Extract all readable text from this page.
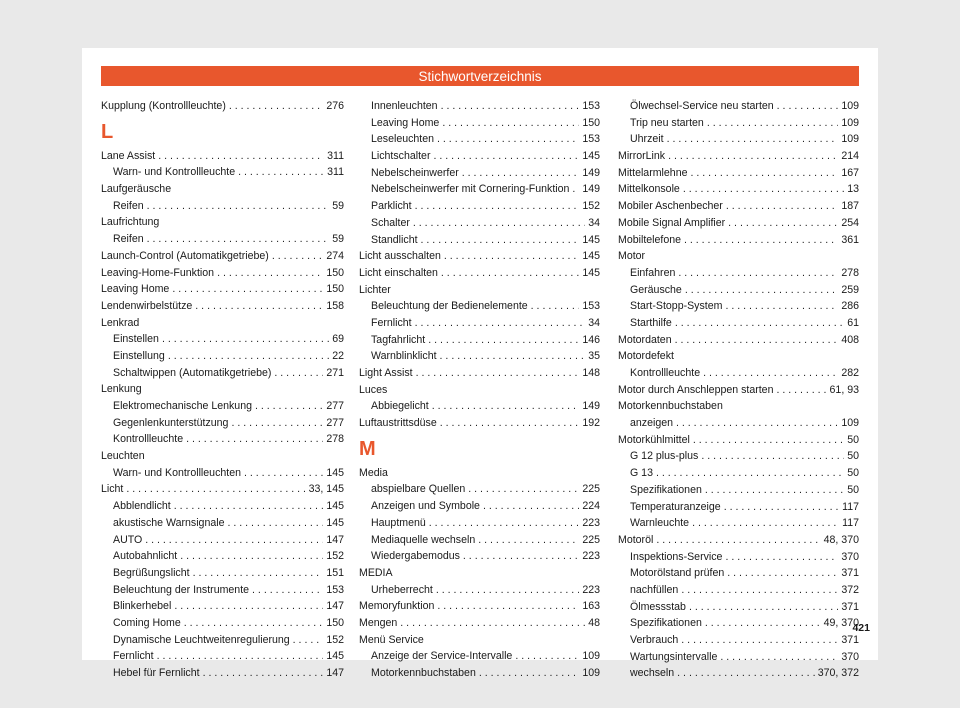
Stichwortverzeichnis
Kupplung (Kontrollleuchte) . . .	276
L
Lane Assist . . .	311
Warn- und Kontrollleuchte . . .	311
Laufgeräusche
Reifen . . .	59
Laufrichtung
Reifen . . .	59
Launch-Control (Automatikgetriebe) . . .	274
Leaving-Home-Funktion . . .	150
Leaving Home . . .	150
Lendenwirbelstütze . . .	158
Lenkrad
Einstellen . . .	69
Einstellung . . .	22
Schaltwippen (Automatikgetriebe) . . .	271
Lenkung
Elektromechanische Lenkung . . .	277
Gegenlenkunterstützung . . .	277
Kontrollleuchte . . .	278
Leuchten
Warn- und Kontrollleuchten . . .	145
Licht . . .	33, 145
Abblendlicht . . .	145
akustische Warnsignale . . .	145
AUTO . . .	147
Autobahnlicht . . .	152
Begrüßungslicht . . .	151
Beleuchtung der Instrumente . . .	153
Blinkerhebel . . .	147
Coming Home . . .	150
Dynamische Leuchtweitenregulierung . . .	152
Fernlicht . . .	145
Hebel für Fernlicht . . .	147
Innenleuchten . . .	153
Leaving Home . . .	150
Leseleuchten . . .	153
Lichtschalter . . .	145
Nebelscheinwerfer . . .	149
Nebelscheinwerfer mit Cornering-Funktion . . . 149
Parklicht . . .	152
Schalter . . .	34
Standlicht . . .	145
Licht ausschalten . . .	145
Licht einschalten . . .	145
Lichter
Beleuchtung der Bedienelemente . . .	153
Fernlicht . . .	34
Tagfahrlicht . . .	146
Warnblinklicht . . .	35
Light Assist . . .	148
Luces
Abbiegelicht . . .	149
Luftaustrittsdüse . . .	192
M
Media
abspielbare Quellen . . .	225
Anzeigen und Symbole . . .	224
Hauptmenü . . .	223
Mediaquelle wechseln . . .	225
Wiedergabemodus . . .	223
MEDIA
Urheberrecht . . .	223
Memoryfunktion . . .	163
Mengen . . .	48
Menü Service
Anzeige der Service-Intervalle . . .	109
Motorkennbuchstaben . . .	109
Ölwechsel-Service neu starten . . .	109
Trip neu starten . . .	109
Uhrzeit . . .	109
MirrorLink . . .	214
Mittelarmlehne . . .	167
Mittelkonsole . . .	13
Mobiler Aschenbecher . . .	187
Mobile Signal Amplifier . . .	254
Mobiltelefone . . .	361
Motor
Einfahren . . .	278
Geräusche . . .	259
Start-Stopp-System . . .	286
Starthilfe . . .	61
Motordaten . . .	408
Motordefekt
Kontrollleuchte . . .	282
Motor durch Anschleppen starten . . .	61, 93
Motorkennbuchstaben
anzeigen . . .	109
Motorkühlmittel . . .	50
G 12 plus-plus . . .	50
G 13 . . .	50
Spezifikationen . . .	50
Temperaturanzeige . . .	117
Warnleuchte . . .	117
Motoröl . . .	48, 370
Inspektions-Service . . .	370
Motorölstand prüfen . . .	371
nachfüllen . . .	372
Ölmessstab . . .	371
Spezifikationen . . .	49, 370
Verbrauch . . .	371
Wartungsintervalle . . .	370
wechseln . . .	370, 372
421
